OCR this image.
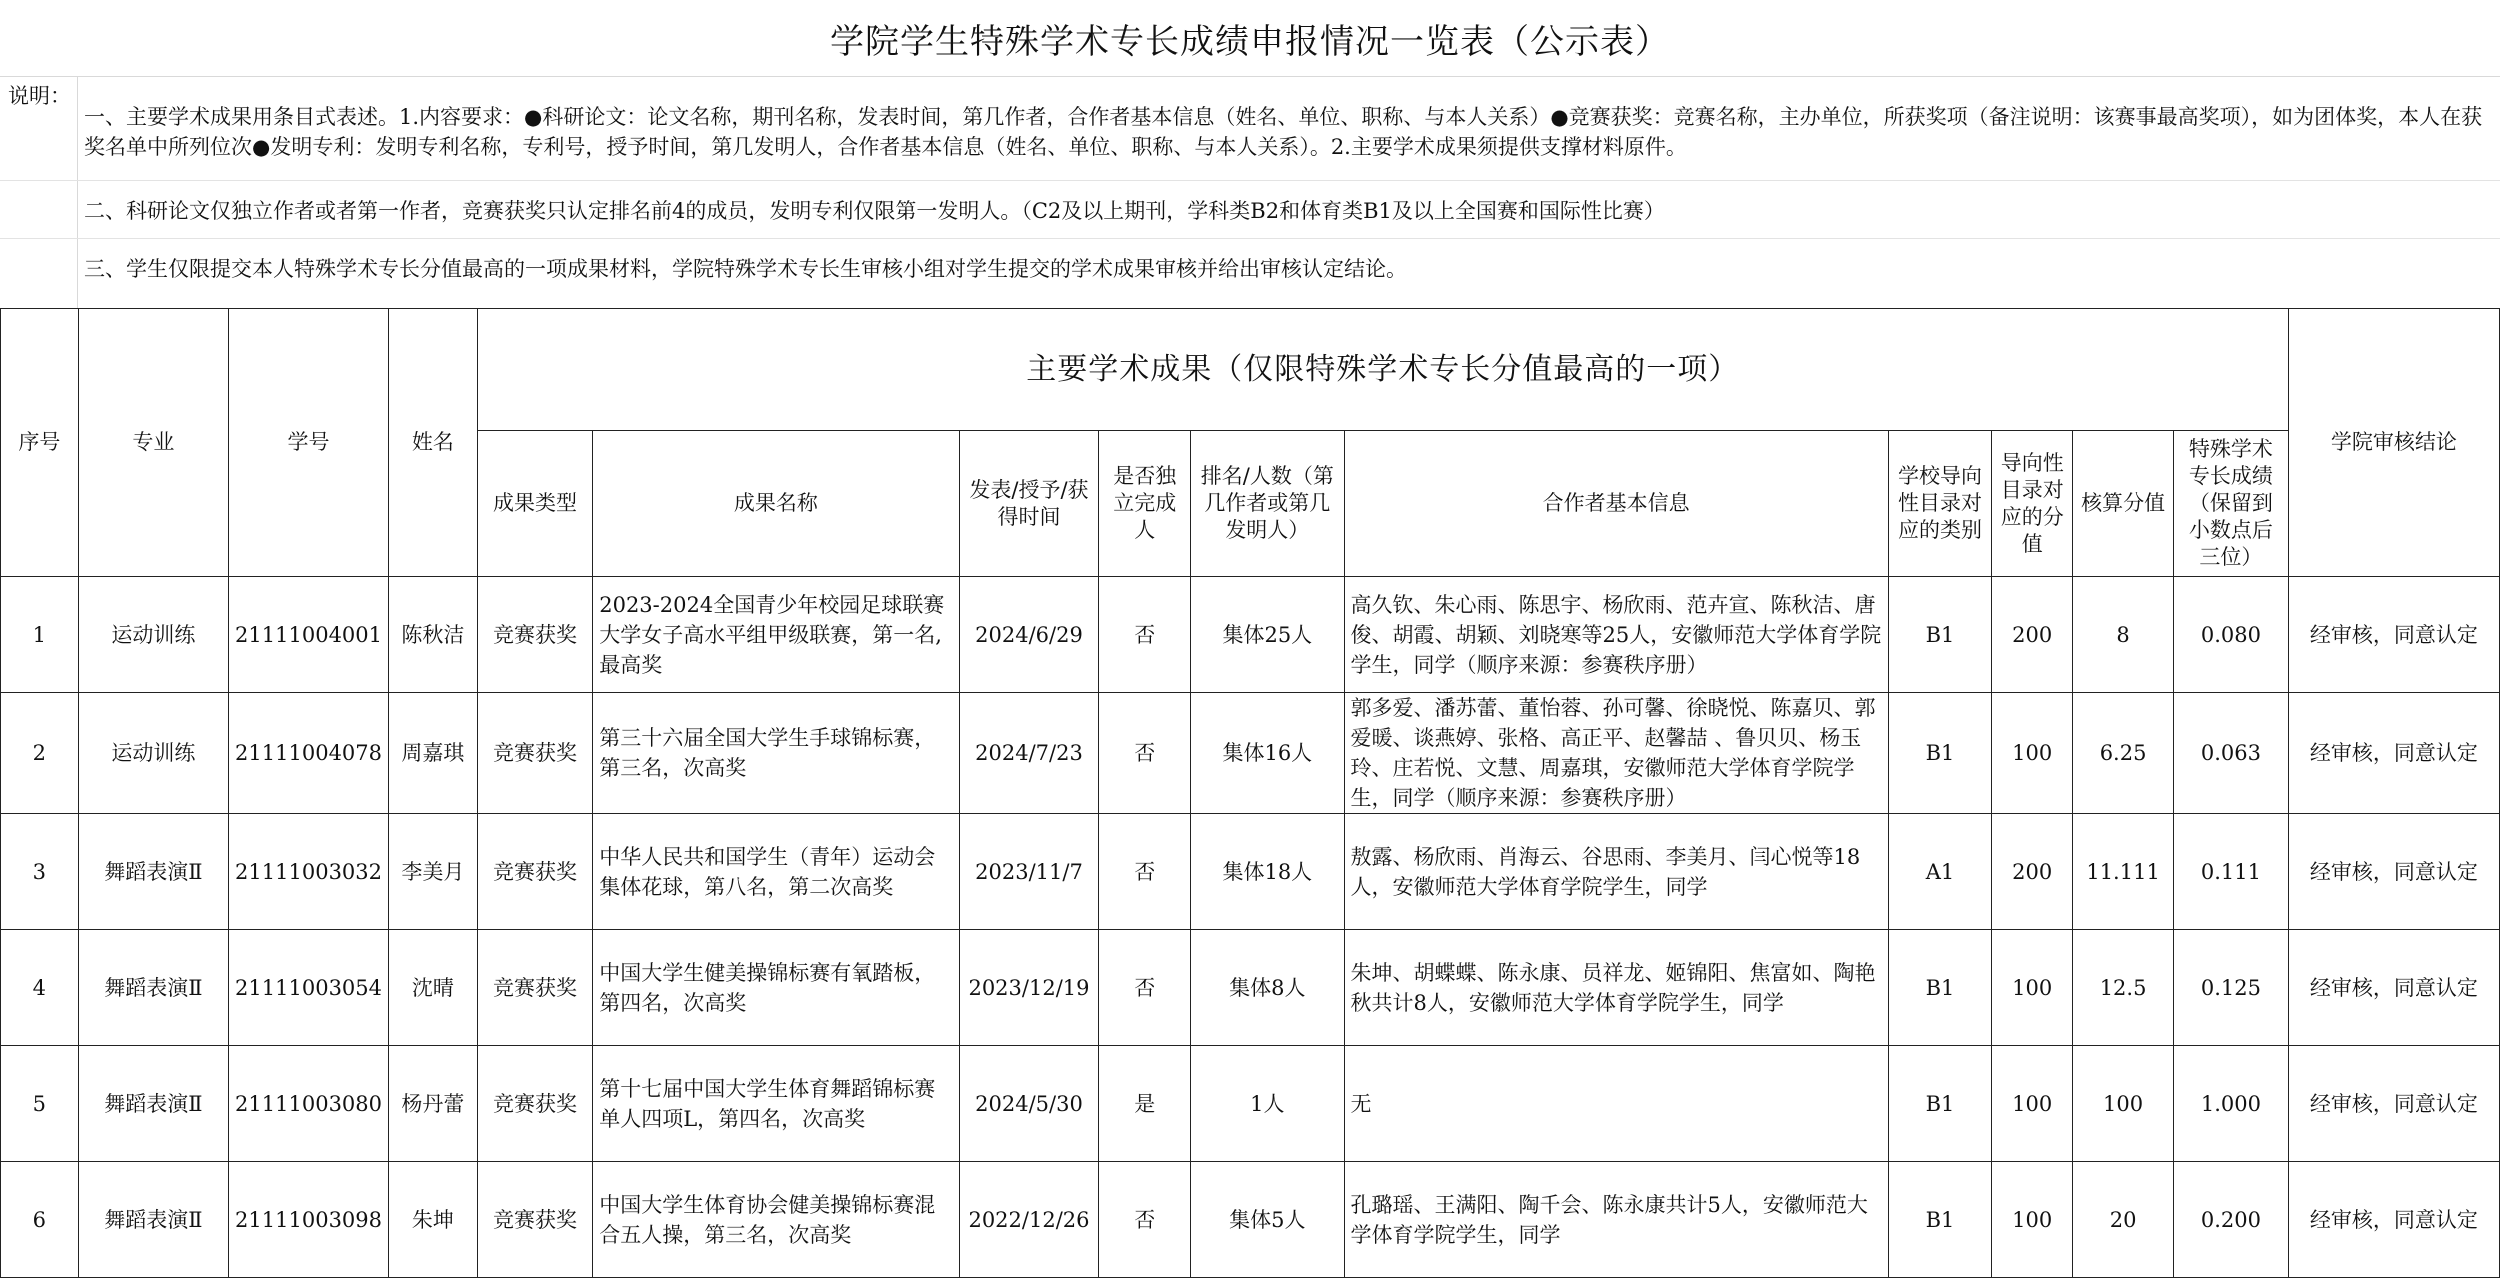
学院学生特殊学术专长成绩申报情况一览表（公示表）
说明：
一、主要学术成果用条目式表述。1.内容要求：●科研论文：论文名称，期刊名称，发表时间，第几作者，合作者基本信息（姓名、单位、职称、与本人关系）●竞赛获奖：竞赛名称，主办单位，所获奖项（备注说明：该赛事最高奖项），如为团体奖，本人在获奖名单中所列位次●发明专利：发明专利名称，专利号，授予时间，第几发明人，合作者基本信息（姓名、单位、职称、与本人关系）。2.主要学术成果须提供支撑材料原件。
二、科研论文仅独立作者或者第一作者，竞赛获奖只认定排名前4的成员，发明专利仅限第一发明人。（C2及以上期刊，学科类B2和体育类B1及以上全国赛和国际性比赛）
三、学生仅限提交本人特殊学术专长分值最高的一项成果材料，学院特殊学术专长生审核小组对学生提交的学术成果审核并给出审核认定结论。
序号	专业	学号	姓名	主要学术成果（仅限特殊学术专长分值最高的一项）										学院审核结论
				成果类型	成果名称	发表/授予/获得时间	是否独立完成人	排名/人数（第几作者或第几发明人）	合作者基本信息	学校导向性目录对应的类别	导向性目录对应的分值	核算分值	特殊学术专长成绩（保留到小数点后三位）	
1	运动训练	21111004001	陈秋洁	竞赛获奖	2023-2024全国青少年校园足球联赛大学女子高水平组甲级联赛，第一名,最高奖	2024/6/29	否	集体25人	高久钦、朱心雨、陈思宇、杨欣雨、范卉宣、陈秋洁、唐俊、胡霞、胡颖、刘晓寒等25人，安徽师范大学体育学院学生，同学（顺序来源：参赛秩序册）	B1	200	8	0.080	经审核，同意认定
2	运动训练	21111004078	周嘉琪	竞赛获奖	第三十六届全国大学生手球锦标赛，第三名，次高奖	2024/7/23	否	集体16人	郭多爱、潘苏蕾、董怡蓉、孙可馨、徐晓悦、陈嘉贝、郭爱暖、谈燕婷、张格、高正平、赵馨喆 、鲁贝贝、杨玉玲、庄若悦、文慧、周嘉琪，安徽师范大学体育学院学生，同学（顺序来源：参赛秩序册）	B1	100	6.25	0.063	经审核，同意认定
3	舞蹈表演Ⅱ	21111003032	李美月	竞赛获奖	中华人民共和国学生（青年）运动会集体花球，第八名，第二次高奖	2023/11/7	否	集体18人	敖露、杨欣雨、肖海云、谷思雨、李美月、闫心悦等18人，安徽师范大学体育学院学生，同学	A1	200	11.111	0.111	经审核，同意认定
4	舞蹈表演Ⅱ	21111003054	沈晴	竞赛获奖	中国大学生健美操锦标赛有氧踏板，第四名，次高奖	2023/12/19	否	集体8人	朱坤、胡蝶蝶、陈永康、员祥龙、姬锦阳、焦富如、陶艳秋共计8人，安徽师范大学体育学院学生，同学	B1	100	12.5	0.125	经审核，同意认定
5	舞蹈表演Ⅱ	21111003080	杨丹蕾	竞赛获奖	第十七届中国大学生体育舞蹈锦标赛单人四项L，第四名，次高奖	2024/5/30	是	1人	无	B1	100	100	1.000	经审核，同意认定
6	舞蹈表演Ⅱ	21111003098	朱坤	竞赛获奖	中国大学生体育协会健美操锦标赛混合五人操，第三名，次高奖	2022/12/26	否	集体5人	孔璐瑶、王满阳、陶千会、陈永康共计5人，安徽师范大学体育学院学生，同学	B1	100	20	0.200	经审核，同意认定
